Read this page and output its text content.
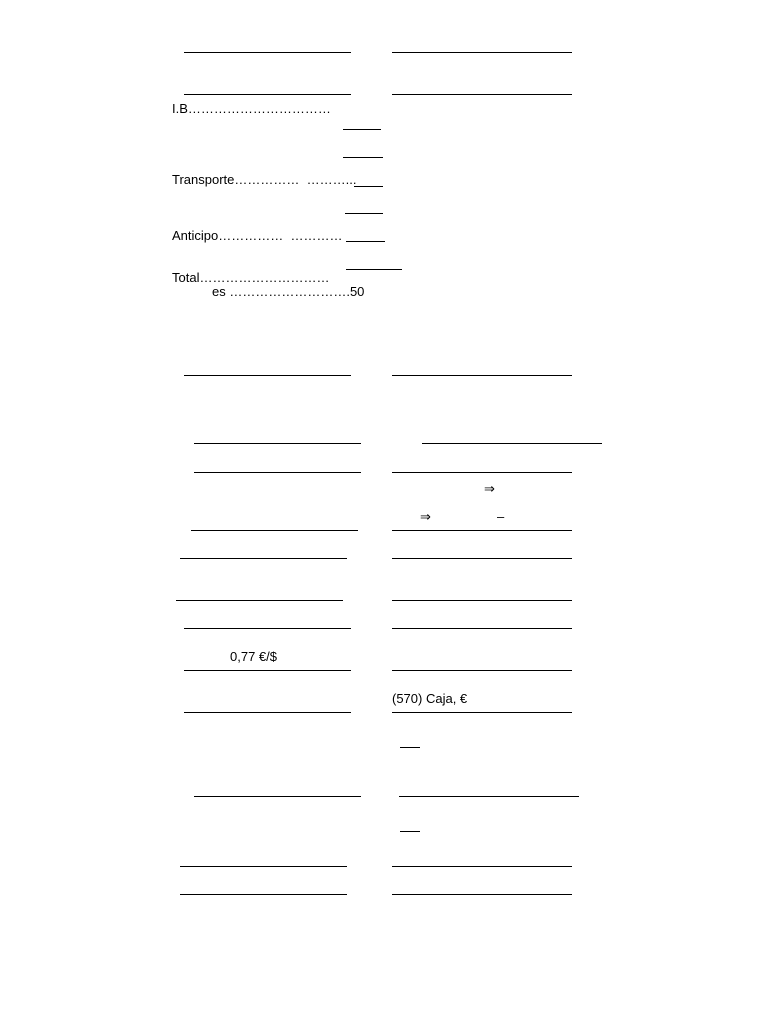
I.B……………………………
Transporte……………  ………...
Anticipo……………  …………
Total…………………………
es ……………………….50
⇒
⇒	–
0,77 €/$
(570) Caja, €
